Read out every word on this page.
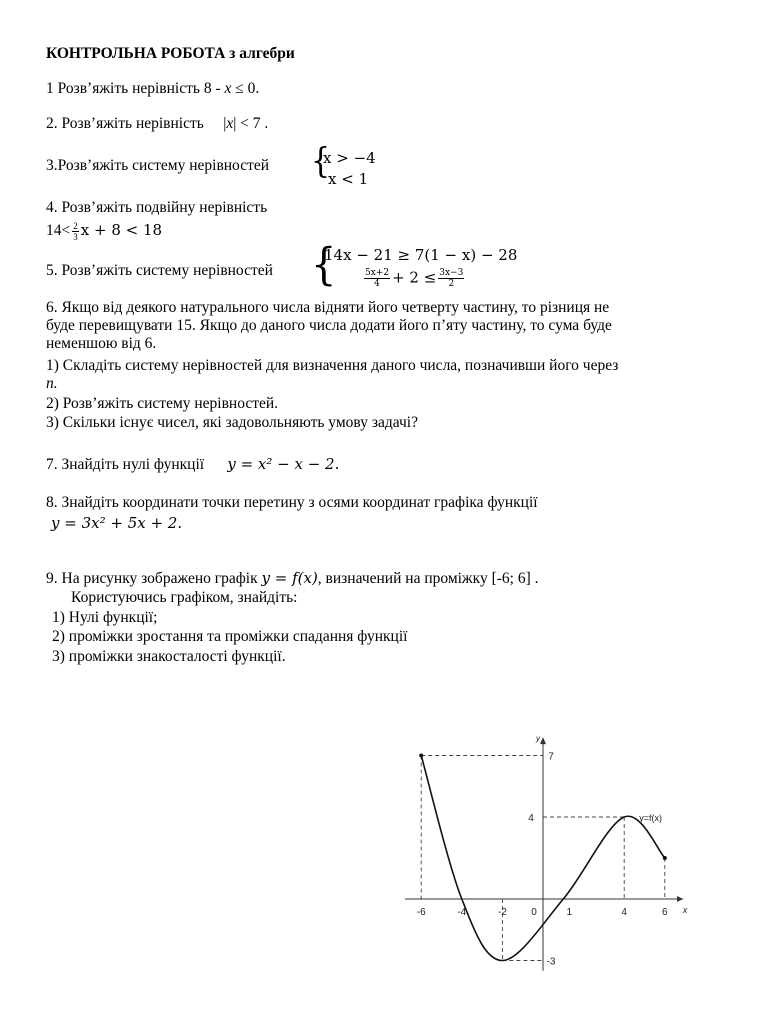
КОНТРОЛЬНА РОБОТА з алгебри
1 Розв’яжіть нерівність 8 - x ≤ 0.
2. Розв’яжіть нерівність |x| < 7 .
3.Розв’яжіть систему нерівностей {
x > −4
x < 1
4. Розв’яжіть подвійну нерівність
$14< \frac{2}{3}$ x + 8 < 18
5. Розв’яжіть систему нерівностей {
14x − 21 ≥ 7(1 − x) − 28
$\frac{5x+2}{4} + 2 \le \frac{3x-3}{2}$
6. Якщо від деякого натурального числа відняти його четверту частину, то різниця не
буде перевищувати 15. Якщо до даного числа додати його п’яту частину, то сума буде
неменшою від 6.
1) Складіть систему нерівностей для визначення даного числа, позначивши його через
n.
2) Розв’яжіть систему нерівностей.
3) Скільки існує чисел, які задовольняють умову задачі?
7. Знайдіть нулі функції y = x² − x − 2.
8. Знайдіть координати точки перетину з осями координат графіка функції
y = 3x² + 5x + 2.
9. На рисунку зображено графік y = f(x), визначений на проміжку [-6; 6] .
Користуючись графіком, знайдіть:
1) Нулі функції;
2) проміжки зростання та проміжки спадання функції
3) проміжки знакосталості функції.
-6	-4	-2 0	1	4	6
7
4
-3
x
y
y=f(x)
